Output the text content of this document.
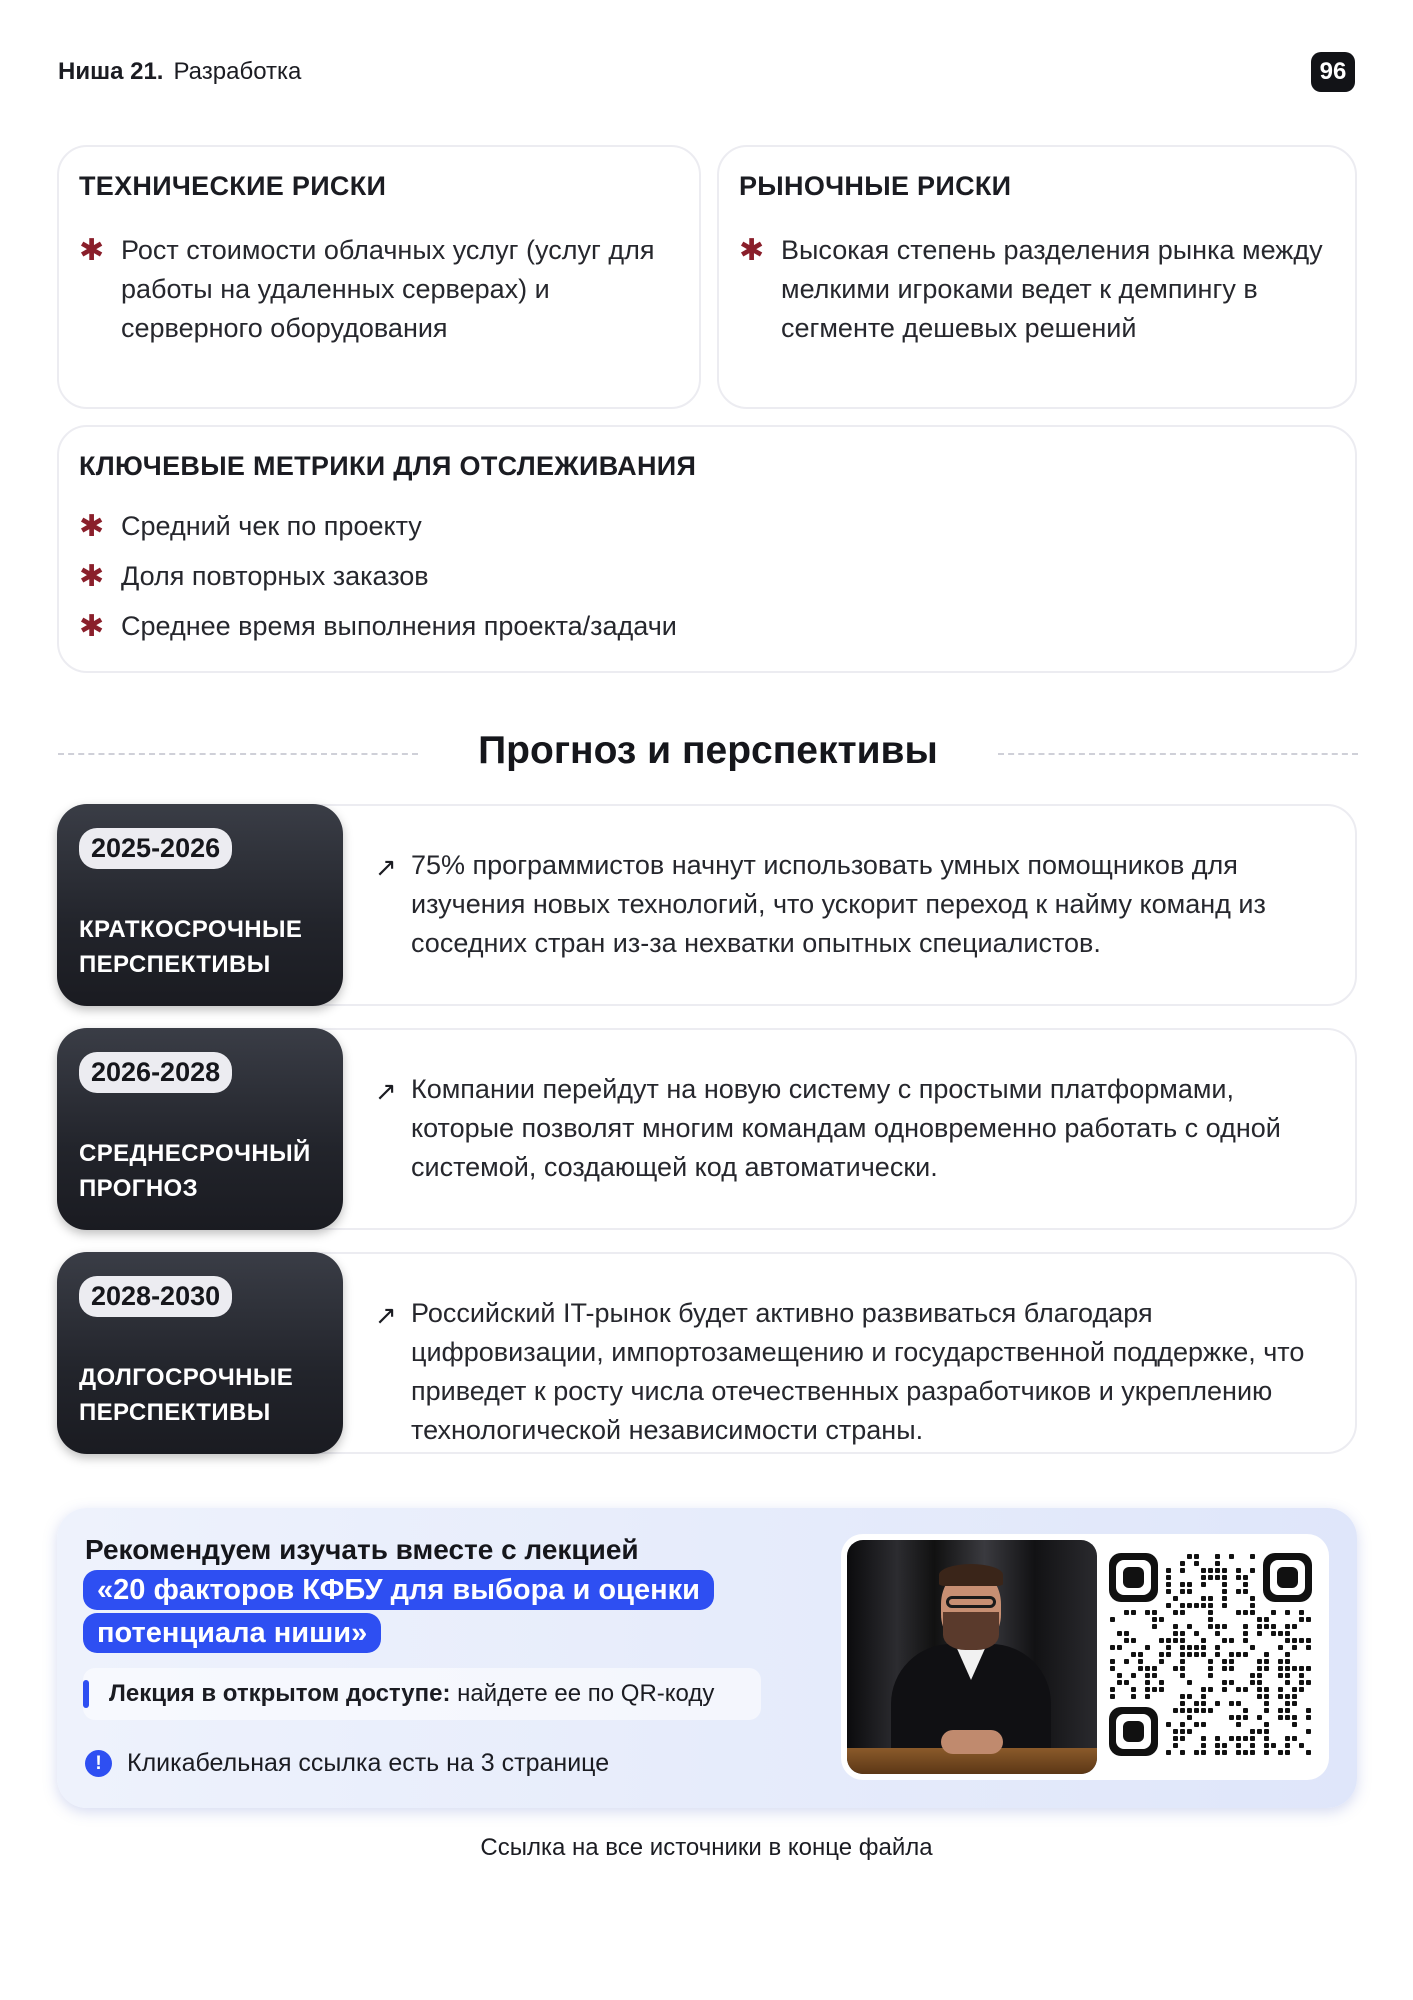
Ниша 21. Разработка	96
ТЕХНИЧЕСКИЕ РИСКИ
✱ Рост стоимости облачных услуг (услуг для работы на удаленных серверах) и серверного оборудования
РЫНОЧНЫЕ РИСКИ
✱ Высокая степень разделения рынка между мелкими игроками ведет к демпингу в сегменте дешевых решений
КЛЮЧЕВЫЕ МЕТРИКИ ДЛЯ ОТСЛЕЖИВАНИЯ
✱ Средний чек по проекту
✱ Доля повторных заказов
✱ Среднее время выполнения проекта/задачи
Прогноз и перспективы
2025-2026
КРАТКОСРОЧНЫЕ ПЕРСПЕКТИВЫ
↗ 75% программистов начнут использовать умных помощников для изучения новых технологий, что ускорит переход к найму команд из соседних стран из-за нехватки опытных специалистов.
2026-2028
СРЕДНЕСРОЧНЫЙ ПРОГНОЗ
↗ Компании перейдут на новую систему с простыми платформами, которые позволят многим командам одновременно работать с одной системой, создающей код автоматически.
2028-2030
ДОЛГОСРОЧНЫЕ ПЕРСПЕКТИВЫ
↗ Российский IT-рынок будет активно развиваться благодаря цифровизации, импортозамещению и государственной поддержке, что приведет к росту числа отечественных разработчиков и укреплению технологической независимости страны.
Рекомендуем изучать вместе с лекцией
«20 факторов КФБУ для выбора и оценки
потенциала ниши»
Лекция в открытом доступе: найдете ее по QR-коду
!	Кликабельная ссылка есть на 3 странице
Ссылка на все источники в конце файла
